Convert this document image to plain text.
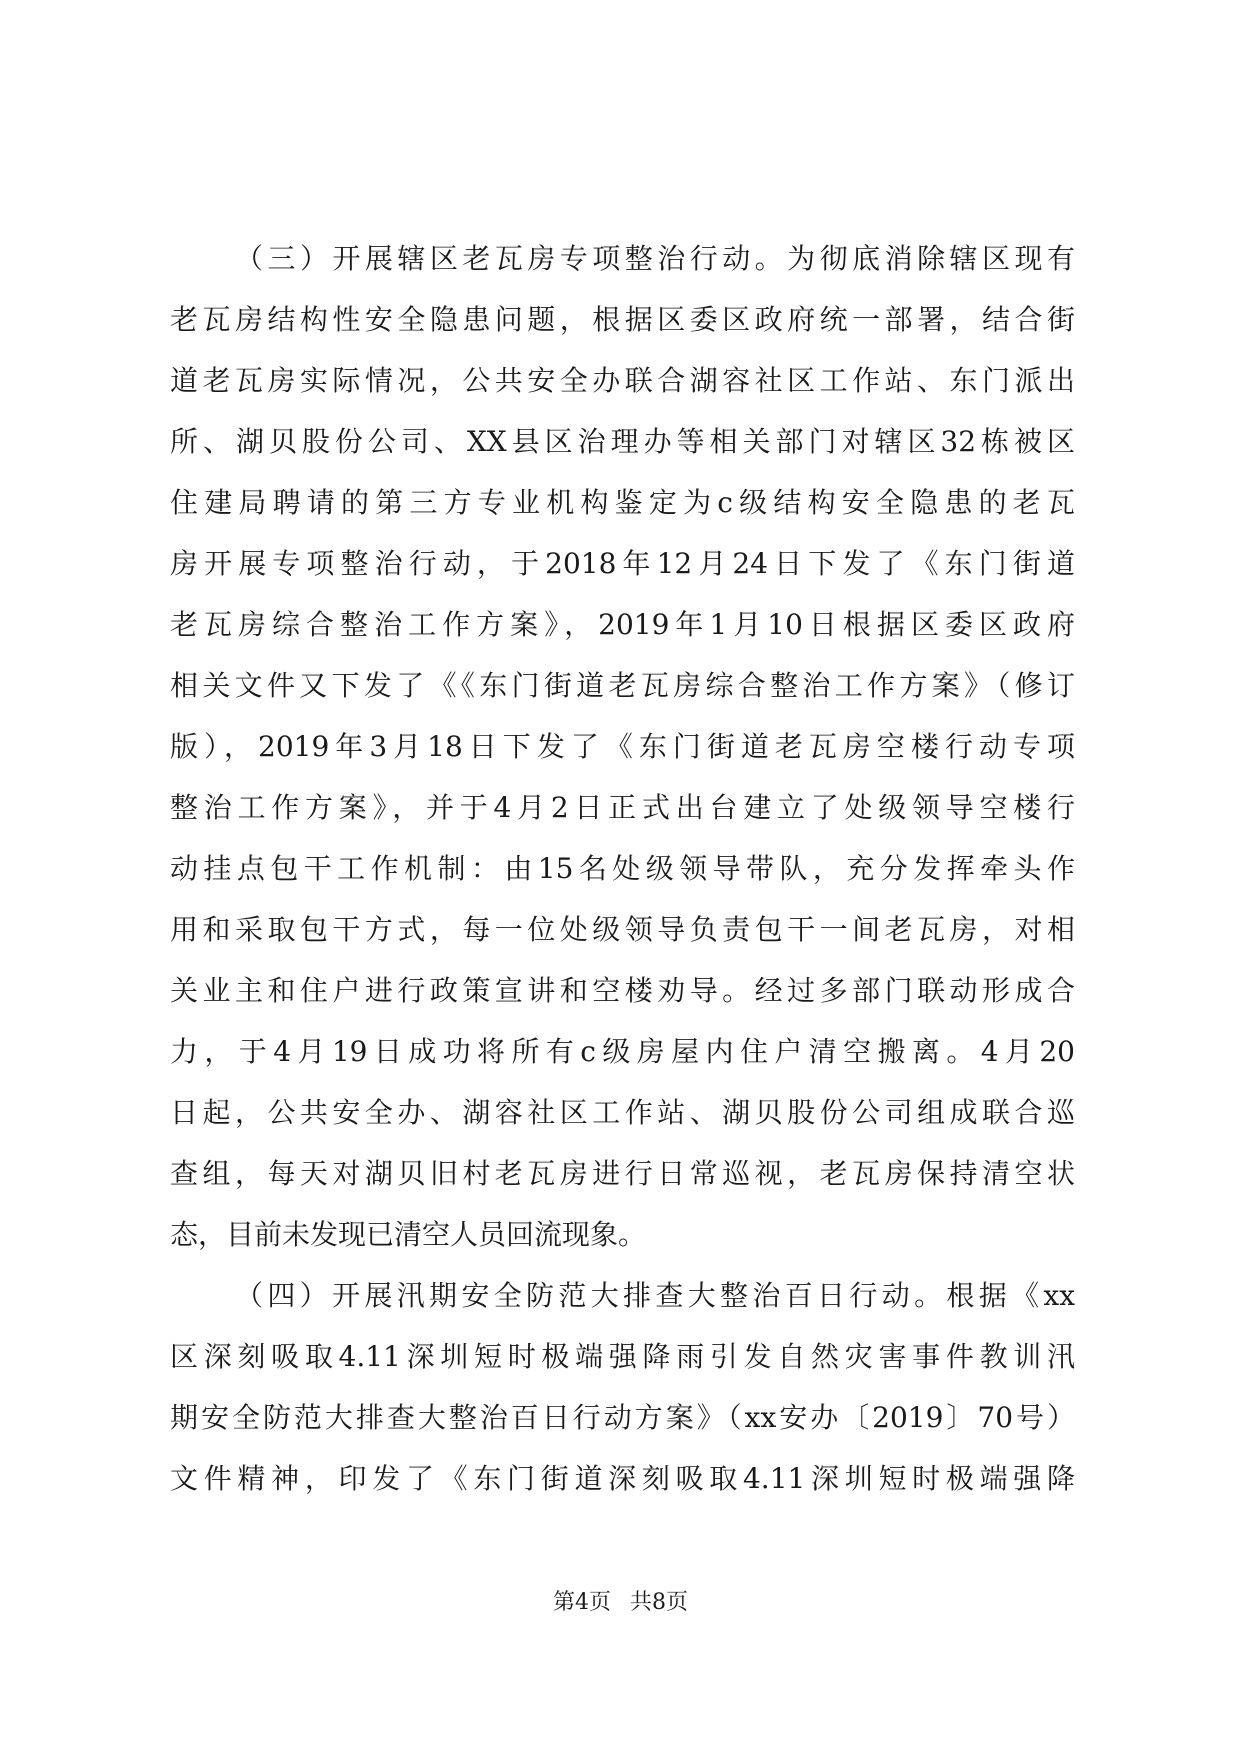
（三）开展辖区老瓦房专项整治行动。为彻底消除辖区现有
老瓦房结构性安全隐患问题，根据区委区政府统一部署，结合街
道老瓦房实际情况，公共安全办联合湖容社区工作站、东门派出
所、湖贝股份公司、XX县区治理办等相关部门对辖区32栋被区
住建局聘请的第三方专业机构鉴定为c级结构安全隐患的老瓦
房开展专项整治行动，于2018年12月24日下发了《东门街道
老瓦房综合整治工作方案》，2019年1月10日根据区委区政府
相关文件又下发了《《东门街道老瓦房综合整治工作方案》（修订
版），2019年3月18日下发了《东门街道老瓦房空楼行动专项
整治工作方案》，并于4月2日正式出台建立了处级领导空楼行
动挂点包干工作机制：由15名处级领导带队，充分发挥牵头作
用和采取包干方式，每一位处级领导负责包干一间老瓦房，对相
关业主和住户进行政策宣讲和空楼劝导。经过多部门联动形成合
力，于4月19日成功将所有c级房屋内住户清空搬离。4月20
日起，公共安全办、湖容社区工作站、湖贝股份公司组成联合巡
查组，每天对湖贝旧村老瓦房进行日常巡视，老瓦房保持清空状
态，目前未发现已清空人员回流现象。
（四）开展汛期安全防范大排查大整治百日行动。根据《xx
区深刻吸取4.11深圳短时极端强降雨引发自然灾害事件教训汛
期安全防范大排查大整治百日行动方案》（xx安办〔2019〕70号）
文件精神，印发了《东门街道深刻吸取4.11深圳短时极端强降
第4页 共8页
